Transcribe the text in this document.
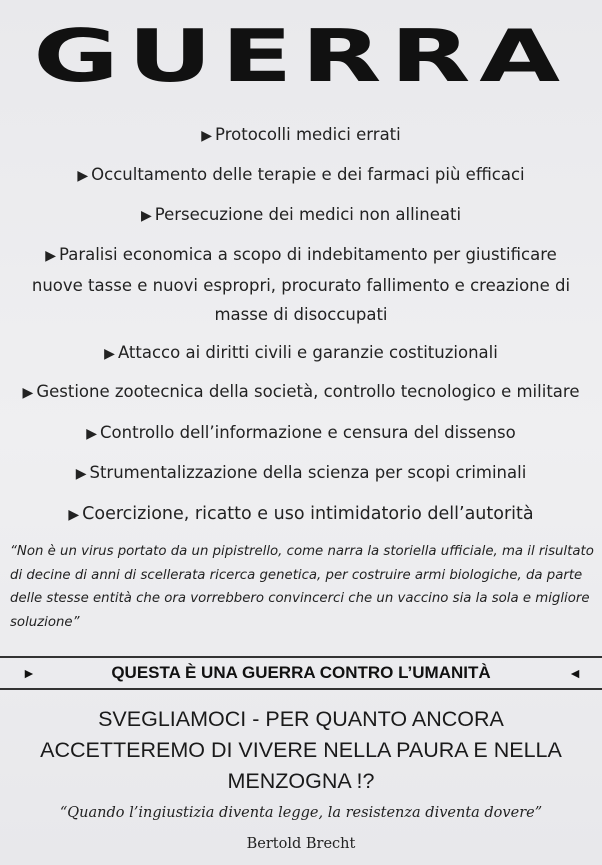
GUERRA
▶ Protocolli medici errati
▶ Occultamento delle terapie e dei farmaci più efficaci
▶ Persecuzione dei medici non allineati
▶ Paralisi economica a scopo di indebitamento per giustificare
nuove tasse e nuovi espropri, procurato fallimento e creazione di
masse di disoccupati
▶ Attacco ai diritti civili e garanzie costituzionali
▶ Gestione zootecnica della società, controllo tecnologico e militare
▶ Controllo dell’informazione e censura del dissenso
▶ Strumentalizzazione della scienza per scopi criminali
▶ Coercizione, ricatto e uso intimidatorio dell’autorità
“Non è un virus portato da un pipistrello, come narra la storiella ufficiale, ma il risultato di decine di anni di scellerata ricerca genetica, per costruire armi biologiche, da parte delle stesse entità che ora vorrebbero convincerci che un vaccino sia la sola e migliore soluzione”
►	QUESTA È UNA GUERRA CONTRO L’UMANITÀ	◄
SVEGLIAMOCI - PER QUANTO ANCORA
ACCETTEREMO DI VIVERE NELLA PAURA E NELLA
MENZOGNA !?
“Quando l’ingiustizia diventa legge, la resistenza diventa dovere”
Bertold Brecht
